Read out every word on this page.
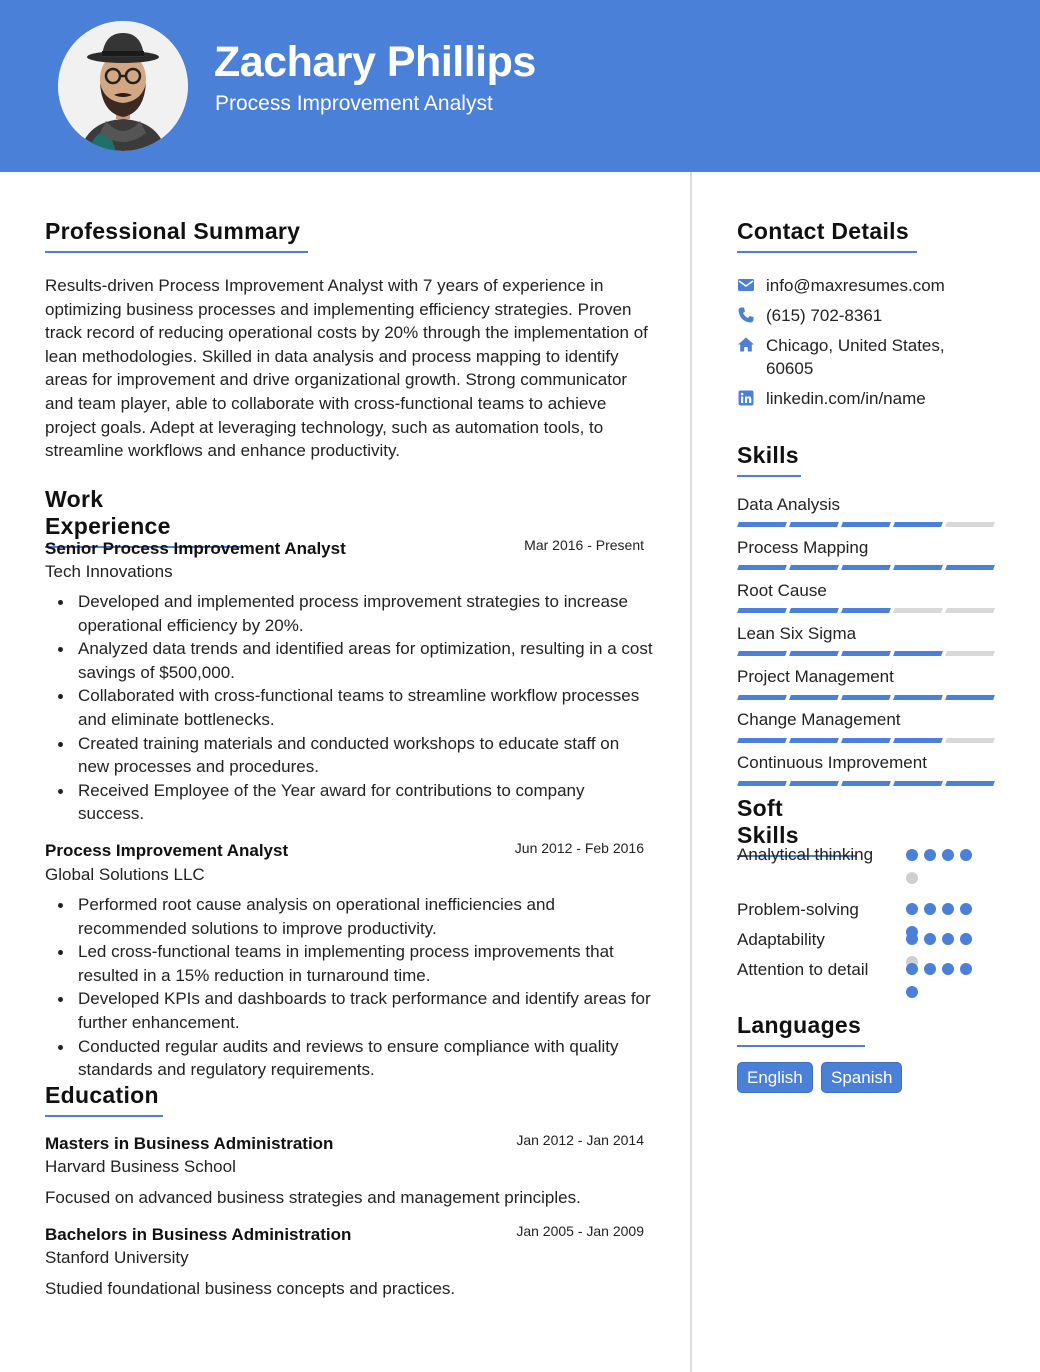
Zachary Phillips
Process Improvement Analyst
Professional Summary
Results-driven Process Improvement Analyst with 7 years of experience in optimizing business processes and implementing efficiency strategies. Proven track record of reducing operational costs by 20% through the implementation of lean methodologies. Skilled in data analysis and process mapping to identify areas for improvement and drive organizational growth. Strong communicator and team player, able to collaborate with cross-functional teams to achieve project goals. Adept at leveraging technology, such as automation tools, to streamline workflows and enhance productivity.
Work Experience
Senior Process Improvement Analyst	Mar 2016 - Present
Tech Innovations
Developed and implemented process improvement strategies to increase operational efficiency by 20%.
Analyzed data trends and identified areas for optimization, resulting in a cost savings of $500,000.
Collaborated with cross-functional teams to streamline workflow processes and eliminate bottlenecks.
Created training materials and conducted workshops to educate staff on new processes and procedures.
Received Employee of the Year award for contributions to company success.
Process Improvement Analyst	Jun 2012 - Feb 2016
Global Solutions LLC
Performed root cause analysis on operational inefficiencies and recommended solutions to improve productivity.
Led cross-functional teams in implementing process improvements that resulted in a 15% reduction in turnaround time.
Developed KPIs and dashboards to track performance and identify areas for further enhancement.
Conducted regular audits and reviews to ensure compliance with quality standards and regulatory requirements.
Education
Masters in Business Administration	Jan 2012 - Jan 2014
Harvard Business School
Focused on advanced business strategies and management principles.
Bachelors in Business Administration	Jan 2005 - Jan 2009
Stanford University
Studied foundational business concepts and practices.
Contact Details
info@maxresumes.com
(615) 702-8361
Chicago, United States, 60605
linkedin.com/in/name
Skills
Data Analysis
Process Mapping
Root Cause
Lean Six Sigma
Project Management
Change Management
Continuous Improvement
Soft Skills
Analytical thinking
Problem-solving
Adaptability
Attention to detail
Languages
English	Spanish
